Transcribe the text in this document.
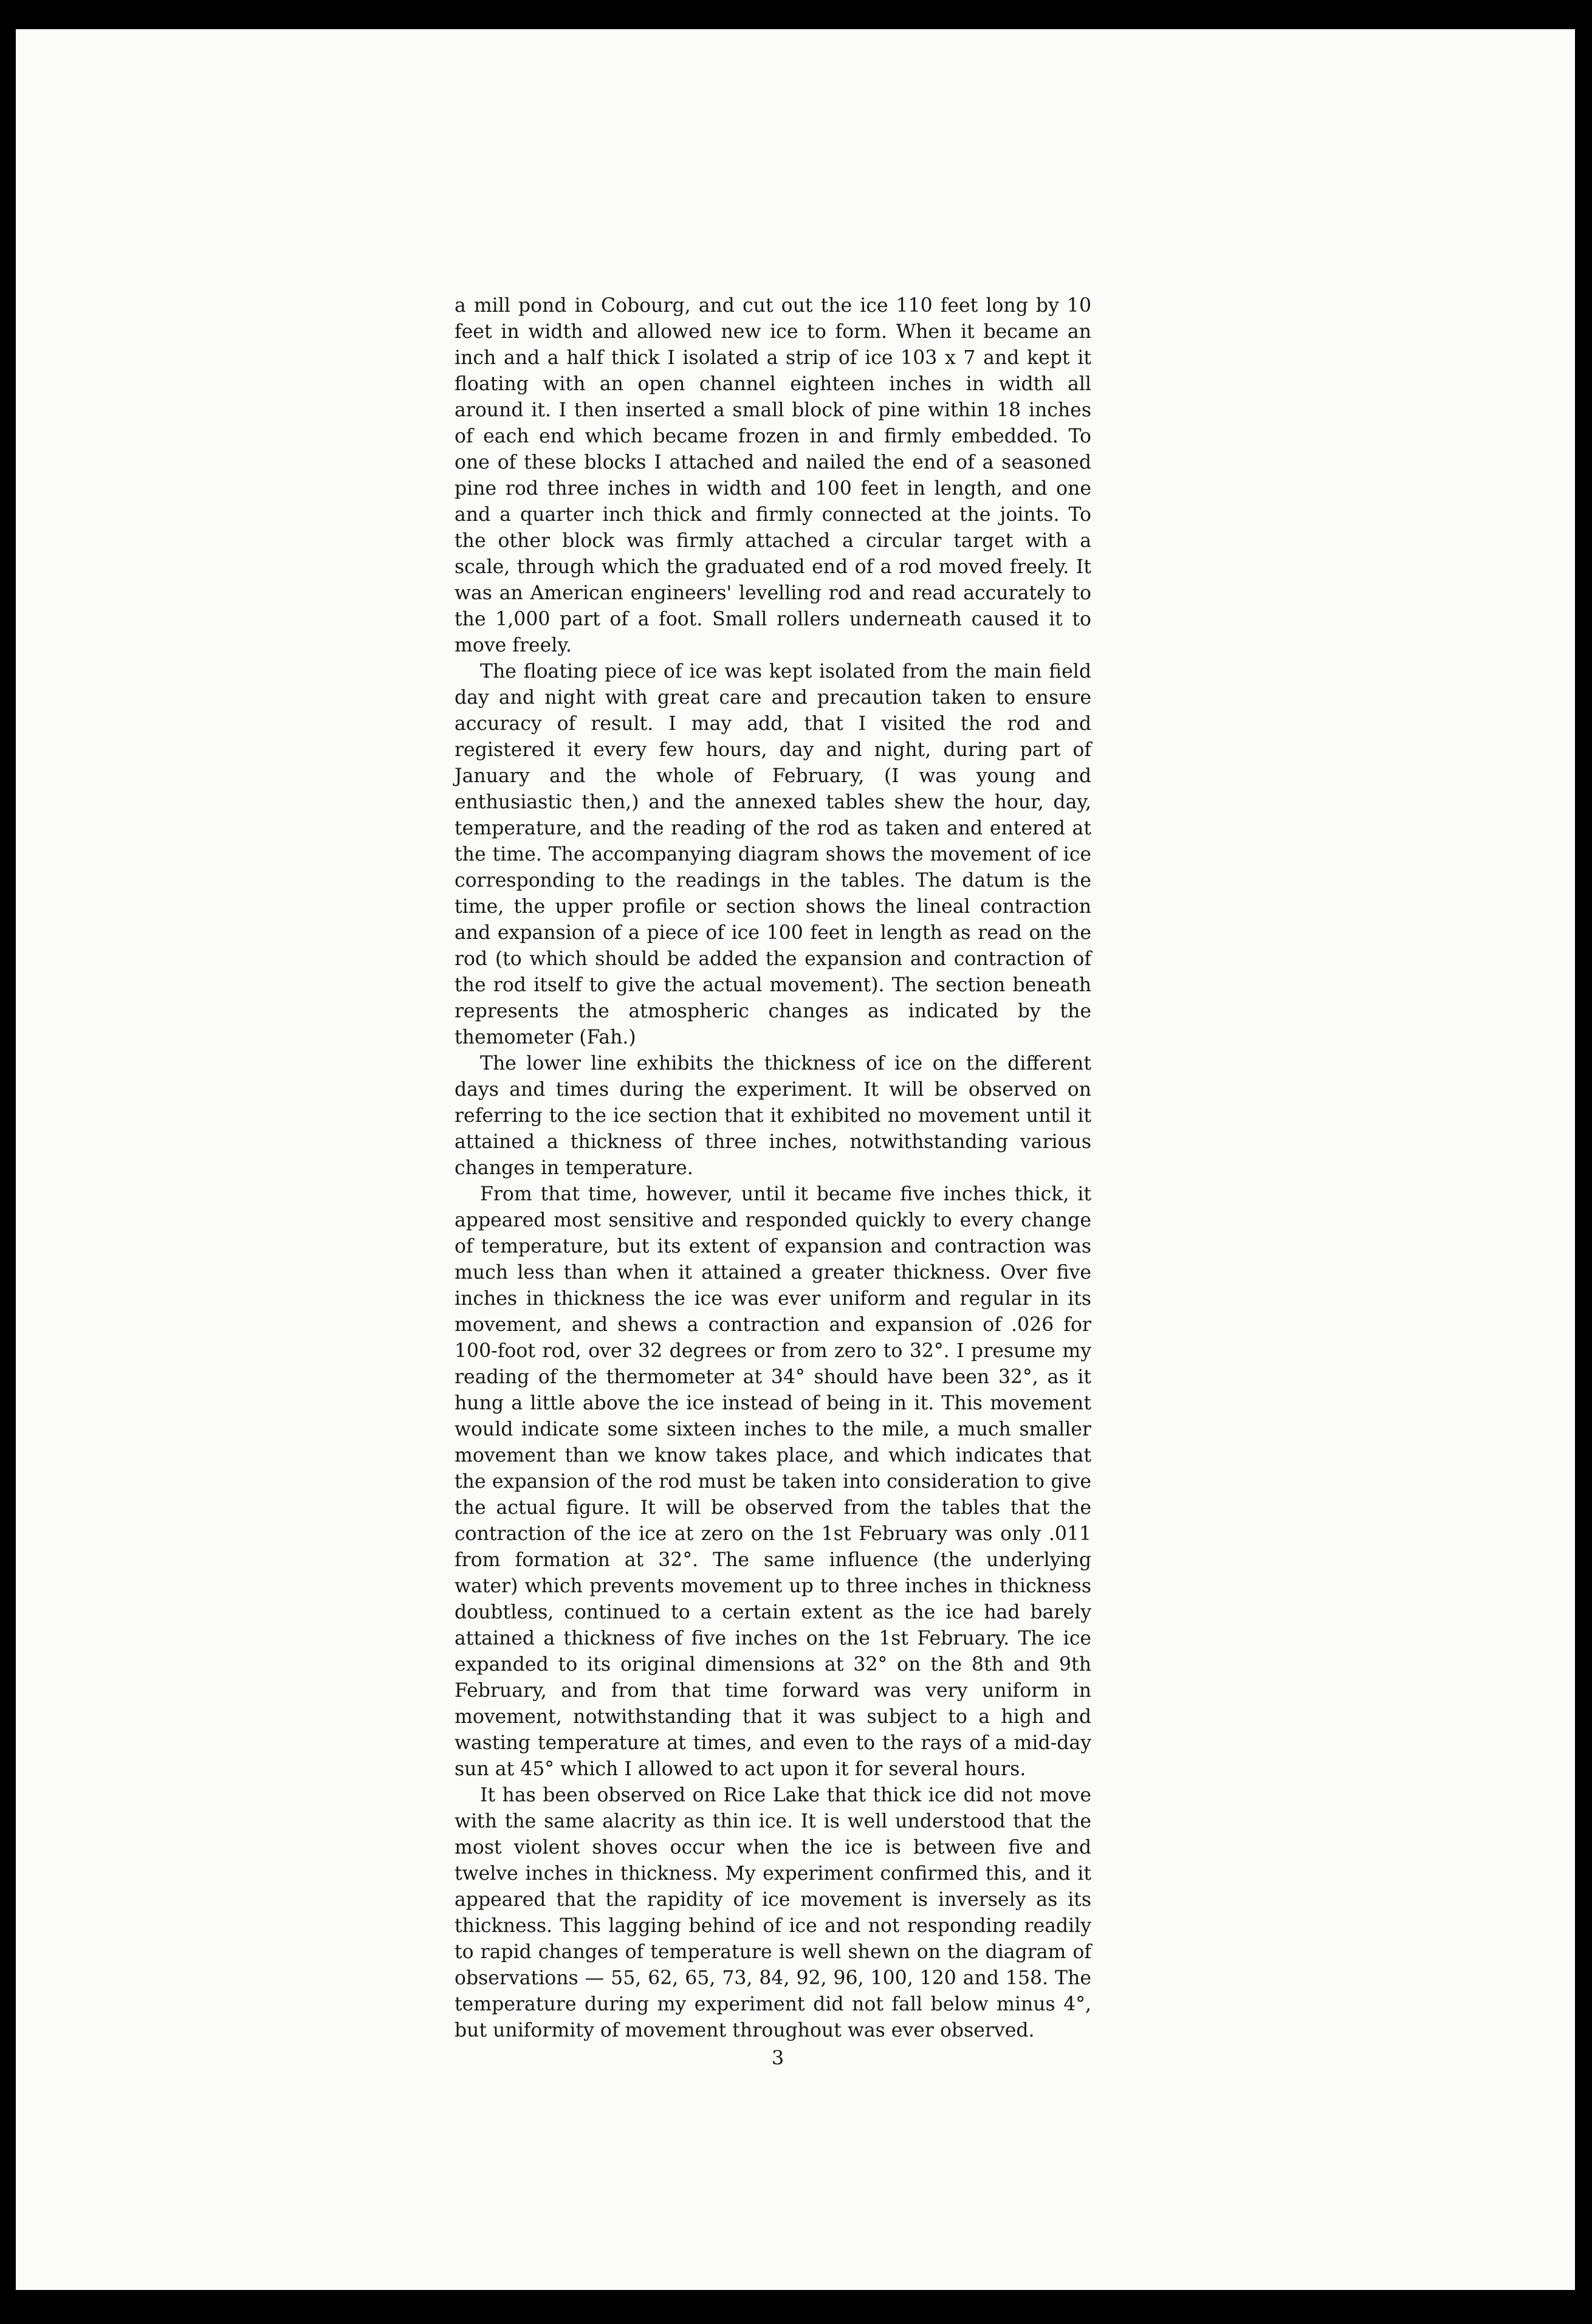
a mill pond in Cobourg, and cut out the ice 110 feet long by 10 feet in width and allowed new ice to form. When it became an inch and a half thick I isolated a strip of ice 103 x 7 and kept it floating with an open channel eighteen inches in width all around it. I then inserted a small block of pine within 18 inches of each end which became frozen in and firmly embedded. To one of these blocks I attached and nailed the end of a seasoned pine rod three inches in width and 100 feet in length, and one and a quarter inch thick and firmly connected at the joints. To the other block was firmly attached a circular target with a scale, through which the graduated end of a rod moved freely. It was an American engineers' levelling rod and read accurately to the 1,000 part of a foot. Small rollers underneath caused it to move freely.

The floating piece of ice was kept isolated from the main field day and night with great care and precaution taken to ensure accuracy of result. I may add, that I visited the rod and registered it every few hours, day and night, during part of January and the whole of February, (I was young and enthusiastic then,) and the annexed tables shew the hour, day, temperature, and the reading of the rod as taken and entered at the time. The accompanying diagram shows the movement of ice corresponding to the readings in the tables. The datum is the time, the upper profile or section shows the lineal contraction and expansion of a piece of ice 100 feet in length as read on the rod (to which should be added the expansion and contraction of the rod itself to give the actual movement). The section beneath represents the atmospheric changes as indicated by the themometer (Fah.)

The lower line exhibits the thickness of ice on the different days and times during the experiment. It will be observed on referring to the ice section that it exhibited no movement until it attained a thickness of three inches, notwithstanding various changes in temperature.

From that time, however, until it became five inches thick, it appeared most sensitive and responded quickly to every change of temperature, but its extent of expansion and contraction was much less than when it attained a greater thickness. Over five inches in thickness the ice was ever uniform and regular in its movement, and shews a contraction and expansion of .026 for 100-foot rod, over 32 degrees or from zero to 32°. I presume my reading of the thermometer at 34° should have been 32°, as it hung a little above the ice instead of being in it. This movement would indicate some sixteen inches to the mile, a much smaller movement than we know takes place, and which indicates that the expansion of the rod must be taken into consideration to give the actual figure. It will be observed from the tables that the contraction of the ice at zero on the 1st February was only .011 from formation at 32°. The same influence (the underlying water) which prevents movement up to three inches in thickness doubtless, continued to a certain extent as the ice had barely attained a thickness of five inches on the 1st February. The ice expanded to its original dimensions at 32° on the 8th and 9th February, and from that time forward was very uniform in movement, notwithstanding that it was subject to a high and wasting temperature at times, and even to the rays of a mid-day sun at 45° which I allowed to act upon it for several hours.

It has been observed on Rice Lake that thick ice did not move with the same alacrity as thin ice. It is well understood that the most violent shoves occur when the ice is between five and twelve inches in thickness. My experiment confirmed this, and it appeared that the rapidity of ice movement is inversely as its thickness. This lagging behind of ice and not responding readily to rapid changes of temperature is well shewn on the diagram of observations — 55, 62, 65, 73, 84, 92, 96, 100, 120 and 158. The temperature during my experiment did not fall below minus 4°, but uniformity of movement throughout was ever observed.

3
